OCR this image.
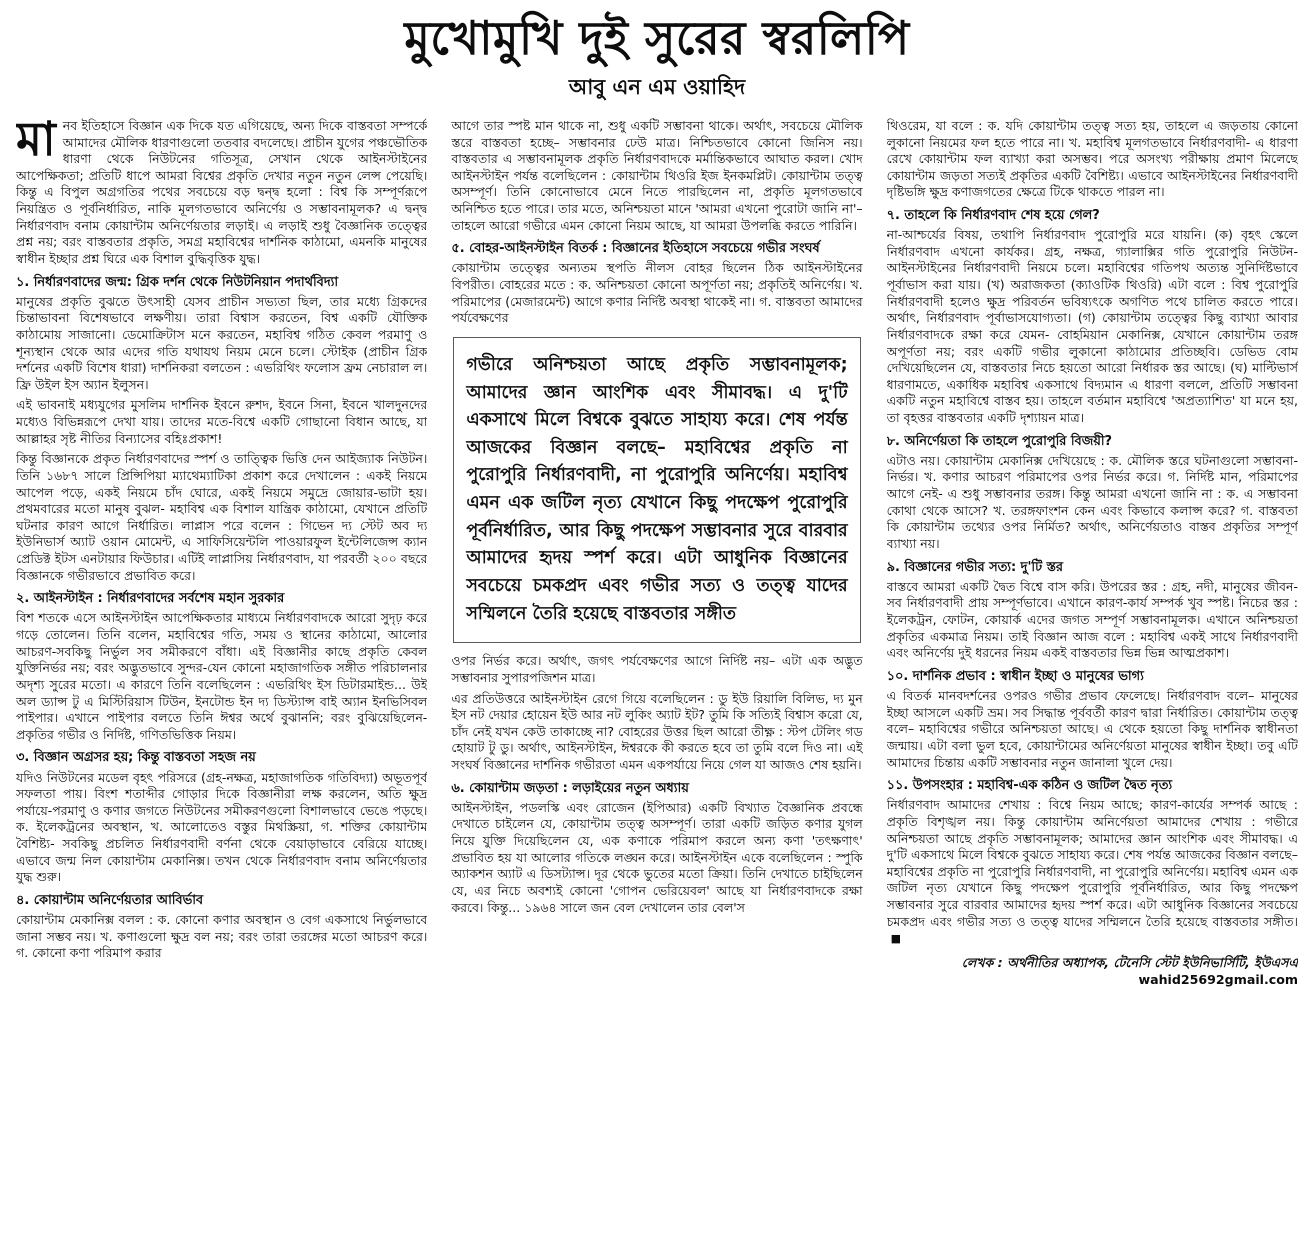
মুখোমুখি দুই সুরের স্বরলিপি
আবু এন এম ওয়াহিদ

মানব ইতিহাসে বিজ্ঞান এক দিকে যত এগিয়েছে, অন্য দিকে বাস্তবতা সম্পর্কে আমাদের মৌলিক ধারণাগুলো ততবার বদলেছে। প্রাচীন যুগের পঞ্চভৌতিক ধারণা থেকে নিউটনের গতিসূত্র, সেখান থেকে আইনস্টাইনের আপেক্ষিকতা; প্রতিটি ধাপে আমরা বিশ্বের প্রকৃতি দেখার নতুন নতুন লেন্স পেয়েছি। কিন্তু এ বিপুল অগ্রগতির পথের সবচেয়ে বড় দ্বন্দ্ব হলো : বিশ্ব কি সম্পূর্ণরূপে নিয়ন্ত্রিত ও পূর্বনির্ধারিত, নাকি মূলগতভাবে অনির্ণেয় ও সম্ভাবনামূলক? এ দ্বন্দ্ব নির্ধারণবাদ বনাম কোয়ান্টাম অনির্ণেয়তার লড়াই। এ লড়াই শুধু বৈজ্ঞানিক তত্ত্বের প্রশ্ন নয়; বরং বাস্তবতার প্রকৃতি, সমগ্র মহাবিশ্বের দার্শনিক কাঠামো, এমনকি মানুষের স্বাধীন ইচ্ছার প্রশ্ন ঘিরে এক বিশাল বুদ্ধিবৃত্তিক যুদ্ধ।

১. নির্ধারণবাদের জন্ম: গ্রিক দর্শন থেকে নিউটনিয়ান পদার্থবিদ্যা

মানুষের প্রকৃতি বুঝতে উৎসাহী যেসব প্রাচীন সভ্যতা ছিল, তার মধ্যে গ্রিকদের চিন্তাভাবনা বিশেষভাবে লক্ষণীয়। তারা বিশ্বাস করতেন, বিশ্ব একটি যৌক্তিক কাঠামোয় সাজানো। ডেমোক্রিটাস মনে করতেন, মহাবিশ্ব গঠিত কেবল পরমাণু ও শূন্যস্থান থেকে আর এদের গতি যথাযথ নিয়ম মেনে চলে। স্টোইক (প্রাচীন গ্রিক দর্শনের একটি বিশেষ ধারা) দার্শনিকরা বলতেন : এভরিথিং ফলোস ফ্রম নেচারাল ল। ফ্রি উইল ইস অ্যান ইলুসন।

এই ভাবনাই মধ্যযুগের মুসলিম দার্শনিক ইবনে রুশদ, ইবনে সিনা, ইবনে খালদুনদের মধ্যেও বিভিন্নরূপে দেখা যায়। তাদের মতে-বিশ্বে একটি গোছানো বিধান আছে, যা আল্লাহর সৃষ্ট নীতির বিন্যাসের বহিঃপ্রকাশ!

কিন্তু বিজ্ঞানকে প্রকৃত নির্ধারণবাদের স্পর্শ ও তাত্ত্বিক ভিত্তি দেন আইজ্যাক নিউটন। তিনি ১৬৮৭ সালে প্রিন্সিপিয়া ম্যাথেম্যাটিকা প্রকাশ করে দেখালেন : একই নিয়মে আপেল পড়ে, একই নিয়মে চাঁদ ঘোরে, একই নিয়মে সমুদ্রে জোয়ার-ভাটা হয়। প্রথমবারের মতো মানুষ বুঝল- মহাবিশ্ব এক বিশাল যান্ত্রিক কাঠামো, যেখানে প্রতিটি ঘটনার কারণ আগে নির্ধারিত। লাপ্লাস পরে বলেন : গিভেন দ্য স্টেট অব দ্য ইউনিভার্স অ্যাট ওয়ান মোমেন্ট, এ সাফিসিয়েন্টলি পাওয়ারফুল ইন্টেলিজেন্স ক্যান প্রেডিক্ট ইটস এনটায়ার ফিউচার। এটিই লাপ্লাসিয় নির্ধারণবাদ, যা পরবর্তী ২০০ বছরে বিজ্ঞানকে গভীরভাবে প্রভাবিত করে।

২. আইনস্টাইন : নির্ধারণবাদের সর্বশেষ মহান সুরকার

বিশ শতকে এসে আইনস্টাইন আপেক্ষিকতার মাধ্যমে নির্ধারণবাদকে আরো সুদৃঢ় করে গড়ে তোলেন। তিনি বলেন, মহাবিশ্বের গতি, সময় ও স্থানের কাঠামো, আলোর আচরণ-সবকিছু নির্ভুল সব সমীকরণে বাঁধা। এই বিজ্ঞানীর কাছে প্রকৃতি কেবল যুক্তিনির্ভর নয়; বরং অদ্ভুতভাবে সুন্দর-যেন কোনো মহাজাগতিক সঙ্গীত পরিচালনার অদৃশ্য সুরের মতো। এ কারণে তিনি বলেছিলেন : এভরিথিং ইস ডিটারমাইন্ড... উই অল ড্যান্স টু এ মিস্টিরিয়াস টিউন, ইনটোন্ড ইন দ্য ডিস্ট্যান্স বাই অ্যান ইনভিসিবল পাইপার। এখানে পাইপার বলতে তিনি ঈশ্বর অর্থে বুঝাননি; বরং বুঝিয়েছিলেন-প্রকৃতির গভীর ও নির্দিষ্ট, গণিতভিত্তিক নিয়ম।

৩. বিজ্ঞান অগ্রসর হয়; কিন্তু বাস্তবতা সহজ নয়

যদিও নিউটনের মডেল বৃহৎ পরিসরে (গ্রহ-নক্ষত্র, মহাজাগতিক গতিবিদ্যা) অভূতপূর্ব সফলতা পায়। বিংশ শতাব্দীর গোড়ার দিকে বিজ্ঞানীরা লক্ষ করলেন, অতি ক্ষুদ্র পর্যায়ে-পরমাণু ও কণার জগতে নিউটনের সমীকরণগুলো বিশালভাবে ভেঙে পড়ছে। ক. ইলেকট্রনের অবস্থান, খ. আলোতেও বস্তুর মিথস্ক্রিয়া, গ. শক্তির কোয়ান্টাম বৈশিষ্ট্য- সবকিছু প্রচলিত নির্ধারণবাদী বর্ণনা থেকে বেয়াড়াভাবে বেরিয়ে যাচ্ছে। এভাবে জন্ম নিল কোয়ান্টাম মেকানিক্স। তখন থেকে নির্ধারণবাদ বনাম অনির্ণেয়তার যুদ্ধ শুরু।

৪. কোয়ান্টাম অনির্ণেয়তার আবির্ভাব

কোয়ান্টাম মেকানিক্স বলল : ক. কোনো কণার অবস্থান ও বেগ একসাথে নির্ভুলভাবে জানা সম্ভব নয়। খ. কণাগুলো ক্ষুদ্র বল নয়; বরং তারা তরঙ্গের মতো আচরণ করে। গ. কোনো কণা পরিমাপ করার

আগে তার স্পষ্ট মান থাকে না, শুধু একটি সম্ভাবনা থাকে। অর্থাৎ, সবচেয়ে মৌলিক স্তরে বাস্তবতা হচ্ছে– সম্ভাবনার ঢেউ মাত্র। নিশ্চিতভাবে কোনো জিনিস নয়। বাস্তবতার এ সম্ভাবনামূলক প্রকৃতি নির্ধারণবাদকে মর্মান্তিকভাবে আঘাত করল। খোদ আইনস্টাইন পর্যন্ত বলেছিলেন : কোয়ান্টাম থিওরি ইজ ইনকমপ্লিট। কোয়ান্টাম তত্ত্ব অসম্পূর্ণ। তিনি কোনোভাবে মেনে নিতে পারছিলেন না, প্রকৃতি মূলগতভাবে অনিশ্চিত হতে পারে। তার মতে, অনিশ্চয়তা মানে 'আমরা এখনো পুরোটা জানি না'– তাহলে আরো গভীরে এমন কোনো নিয়ম আছে, যা আমরা উপলব্ধি করতে পারিনি।

৫. বোহর-আইনস্টাইন বিতর্ক : বিজ্ঞানের ইতিহাসে সবচেয়ে গভীর সংঘর্ষ

কোয়ান্টাম তত্ত্বের অন্যতম স্থপতি নীলস বোহর ছিলেন ঠিক আইনস্টাইনের বিপরীত। বোহরের মতে : ক. অনিশ্চয়তা কোনো অপূর্ণতা নয়; প্রকৃতিই অনির্ণেয়। খ. পরিমাপের (মেজারমেন্ট) আগে কণার নির্দিষ্ট অবস্থা থাকেই না। গ. বাস্তবতা আমাদের পর্যবেক্ষণের

গভীরে অনিশ্চয়তা আছে প্রকৃতি সম্ভাবনামূলক; আমাদের জ্ঞান আংশিক এবং সীমাবদ্ধ। এ দু'টি একসাথে মিলে বিশ্বকে বুঝতে সাহায্য করে। শেষ পর্যন্ত আজকের বিজ্ঞান বলছে– মহাবিশ্বের প্রকৃতি না পুরোপুরি নির্ধারণবাদী, না পুরোপুরি অনির্ণেয়। মহাবিশ্ব এমন এক জটিল নৃত্য যেখানে কিছু পদক্ষেপ পুরোপুরি পূর্বনির্ধারিত, আর কিছু পদক্ষেপ সম্ভাবনার সুরে বারবার আমাদের হৃদয় স্পর্শ করে। এটা আধুনিক বিজ্ঞানের সবচেয়ে চমকপ্রদ এবং গভীর সত্য ও তত্ত্ব যাদের সম্মিলনে তৈরি হয়েছে বাস্তবতার সঙ্গীত

ওপর নির্ভর করে। অর্থাৎ, জগৎ পর্যবেক্ষণের আগে নির্দিষ্ট নয়– এটা এক অদ্ভুত সম্ভাবনার সুপারপজিশন মাত্র।

এর প্রতিউত্তরে আইনস্টাইন রেগে গিয়ে বলেছিলেন : ডু ইউ রিয়ালি বিলিভ, দ্য মুন ইস নট দেয়ার হোয়েন ইউ আর নট লুকিং অ্যাট ইট? তুমি কি সত্যিই বিশ্বাস করো যে, চাঁদ নেই যখন কেউ তাকাচ্ছে না? বোহরের উত্তর ছিল আরো তীক্ষ্ণ : স্টপ টেলিং গড হোয়াট টু ডু। অর্থাৎ, আইনস্টাইন, ঈশ্বরকে কী করতে হবে তা তুমি বলে দিও না। এই সংঘর্ষ বিজ্ঞানের দার্শনিক গভীরতা এমন একপর্যায়ে নিয়ে গেল যা আজও শেষ হয়নি।

৬. কোয়ান্টাম জড়তা : লড়াইয়ের নতুন অধ্যায়

আইনস্টাইন, পডলস্কি এবং রোজেন (ইপিআর) একটি বিখ্যাত বৈজ্ঞানিক প্রবন্ধে দেখাতে চাইলেন যে, কোয়ান্টাম তত্ত্ব অসম্পূর্ণ। তারা একটি জড়িত কণার যুগল নিয়ে যুক্তি দিয়েছিলেন যে, এক কণাকে পরিমাপ করলে অন্য কণা 'তৎক্ষণাৎ' প্রভাবিত হয় যা আলোর গতিকে লঙ্ঘন করে। আইনস্টাইন একে বলেছিলেন : স্পুকি অ্যাকশন অ্যাট এ ডিসট্যান্স। দূর থেকে ভুতের মতো ক্রিয়া। তিনি দেখাতে চাইছিলেন যে, এর নিচে অবশ্যই কোনো 'গোপন ভেরিয়েবল' আছে যা নির্ধারণবাদকে রক্ষা করবে। কিন্তু... ১৯৬৪ সালে জন বেল দেখালেন তার বেল'স

থিওরেম, যা বলে : ক. যদি কোয়ান্টাম তত্ত্ব সত্য হয়, তাহলে এ জড়তায় কোনো লুকানো নিয়মের ফল হতে পারে না। খ. মহাবিশ্ব মূলগতভাবে নির্ধারণবাদী- এ ধারণা রেখে কোয়ান্টাম ফল ব্যাখ্যা করা অসম্ভব। পরে অসংখ্য পরীক্ষায় প্রমাণ মিলেছে কোয়ান্টাম জড়তা সত্যই প্রকৃতির একটি বৈশিষ্ট্য। এভাবে আইনস্টাইনের নির্ধারণবাদী দৃষ্টিভঙ্গি ক্ষুদ্র কণাজগতের ক্ষেত্রে টিকে থাকতে পারল না।

৭. তাহলে কি নির্ধারণবাদ শেষ হয়ে গেল?

না-আশ্চর্যের বিষয়, তথাপি নির্ধারণবাদ পুরোপুরি মরে যায়নি। (ক) বৃহৎ স্কেলে নির্ধারণবাদ এখনো কার্যকর। গ্রহ, নক্ষত্র, গ্যালাক্সির গতি পুরোপুরি নিউটন-আইনস্টাইনের নির্ধারণবাদী নিয়মে চলে। মহাবিশ্বের গতিপথ অত্যন্ত সুনির্দিষ্টভাবে পূর্বাভাস করা যায়। (খ) অরাজকতা (ক্যাওটিক থিওরি) এটা বলে : বিশ্ব পুরোপুরি নির্ধারণবাদী হলেও ক্ষুদ্র পরিবর্তন ভবিষ্যৎকে অগণিত পথে চালিত করতে পারে। অর্থাৎ, নির্ধারণবাদ পূর্বাভাসযোগ্যতা। (গ) কোয়ান্টাম তত্ত্বের কিছু ব্যাখ্যা আবার নির্ধারণবাদকে রক্ষা করে যেমন- বোহমিয়ান মেকানিক্স, যেখানে কোয়ান্টাম তরঙ্গ অপূর্ণতা নয়; বরং একটি গভীর লুকানো কাঠামোর প্রতিচ্ছবি। ডেভিড বোম দেখিয়েছিলেন যে, বাস্তবতার নিচে হয়তো আরো নির্ধারক স্তর আছে। (ঘ) মাল্টিভার্স ধারণামতে, একাধিক মহাবিশ্ব একসাথে বিদ্যমান এ ধারণা বললে, প্রতিটি সম্ভাবনা একটি নতুন মহাবিশ্বে বাস্তব হয়। তাহলে বর্তমান মহাবিশ্বে 'অপ্রত্যাশিত' যা মনে হয়, তা বৃহত্তর বাস্তবতার একটি দৃশ্যায়ন মাত্র।

৮. অনির্ণেয়তা কি তাহলে পুরোপুরি বিজয়ী?

এটাও নয়। কোয়ান্টাম মেকানিক্স দেখিয়েছে : ক. মৌলিক স্তরে ঘটনাগুলো সম্ভাবনা-নির্ভর। খ. কণার আচরণ পরিমাপের ওপর নির্ভর করে। গ. নির্দিষ্ট মান, পরিমাপের আগে নেই- এ শুধু সম্ভাবনার তরঙ্গ। কিন্তু আমরা এখনো জানি না : ক. এ সম্ভাবনা কোথা থেকে আসে? খ. তরঙ্গফাংশন কেন এবং কিভাবে কলাপ্স করে? গ. বাস্তবতা কি কোয়ান্টাম তথ্যের ওপর নির্মিত? অর্থাৎ, অনির্ণেয়তাও বাস্তব প্রকৃতির সম্পূর্ণ ব্যাখ্যা নয়।

৯. বিজ্ঞানের গভীর সত্য: দু'টি স্তর

বাস্তবে আমরা একটি দ্বৈত বিশ্বে বাস করি। উপরের স্তর : গ্রহ, নদী, মানুষের জীবন-সব নির্ধারণবাদী প্রায় সম্পূর্ণভাবে। এখানে কারণ-কার্য সম্পর্ক খুব স্পষ্ট। নিচের স্তর : ইলেকট্রন, ফোটন, কোয়ার্ক এদের জগত সম্পূর্ণ সম্ভাবনামূলক। এখানে অনিশ্চয়তা প্রকৃতির একমাত্র নিয়ম। তাই বিজ্ঞান আজ বলে : মহাবিশ্ব একই সাথে নির্ধারণবাদী এবং অনির্ণেয় দুই ধরনের নিয়ম একই বাস্তবতার ভিন্ন ভিন্ন আত্মপ্রকাশ।

১০. দার্শনিক প্রভাব : স্বাধীন ইচ্ছা ও মানুষের ভাগ্য

এ বিতর্ক মানবদর্শনের ওপরও গভীর প্রভাব ফেলেছে। নির্ধারণবাদ বলে– মানুষের ইচ্ছা আসলে একটি ভ্রম। সব সিদ্ধান্ত পূর্ববর্তী কারণ দ্বারা নির্ধারিত। কোয়ান্টাম তত্ত্ব বলে– মহাবিশ্বের গভীরে অনিশ্চয়তা আছে। এ থেকে হয়তো কিছু দার্শনিক স্বাধীনতা জন্মায়। এটা বলা ভুল হবে, কোয়ান্টামের অনির্ণেয়তা মানুষের স্বাধীন ইচ্ছা। তবু এটি আমাদের চিন্তায় একটি সম্ভাবনার নতুন জানালা খুলে দেয়।

১১. উপসংহার : মহাবিশ্ব-এক কঠিন ও জটিল দ্বৈত নৃত্য

নির্ধারণবাদ আমাদের শেখায় : বিশ্বে নিয়ম আছে; কারণ-কার্যের সম্পর্ক আছে : প্রকৃতি বিশৃঙ্খল নয়। কিন্তু কোয়ান্টাম অনির্ণেয়তা আমাদের শেখায় : গভীরে অনিশ্চয়তা আছে প্রকৃতি সম্ভাবনামূলক; আমাদের জ্ঞান আংশিক এবং সীমাবদ্ধ। এ দু'টি একসাথে মিলে বিশ্বকে বুঝতে সাহায্য করে। শেষ পর্যন্ত আজকের বিজ্ঞান বলছে– মহাবিশ্বের প্রকৃতি না পুরোপুরি নির্ধারণবাদী, না পুরোপুরি অনির্ণেয়। মহাবিশ্ব এমন এক জটিল নৃত্য যেখানে কিছু পদক্ষেপ পুরোপুরি পূর্বনির্ধারিত, আর কিছু পদক্ষেপ সম্ভাবনার সুরে বারবার আমাদের হৃদয় স্পর্শ করে। এটা আধুনিক বিজ্ঞানের সবচেয়ে চমকপ্রদ এবং গভীর সত্য ও তত্ত্ব যাদের সম্মিলনে তৈরি হয়েছে বাস্তবতার সঙ্গীত।■

লেখক : অর্থনীতির অধ্যাপক, টেনেসি স্টেট ইউনিভার্সিটি, ইউএসএ
wahid25692gmail.com
